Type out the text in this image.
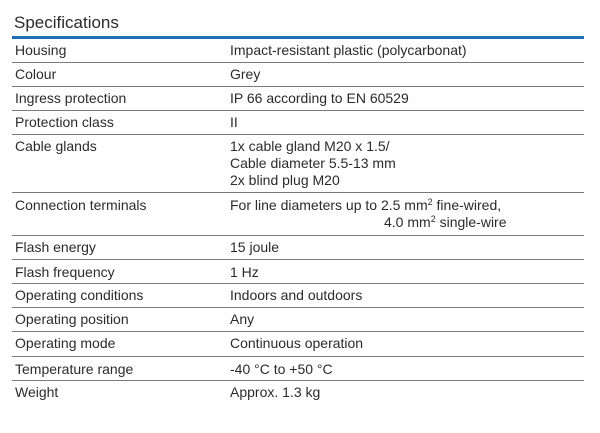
Specifications
Housing	Impact-resistant plastic (polycarbonat)
Colour	Grey
Ingress protection	IP 66 according to EN 60529
Protection class	II
Cable glands	1x cable gland M20 x 1.5/
Cable diameter 5.5-13 mm
2x blind plug M20
Connection terminals	For line diameters up to 2.5 $mm^2$ fine-wired,
4.0 $mm^2$ single-wire
Flash energy	15 joule
Flash frequency	1 Hz
Operating conditions	Indoors and outdoors
Operating position	Any
Operating mode	Continuous operation
Temperature range	-40 °C to +50 °C
Weight	Approx. 1.3 kg
